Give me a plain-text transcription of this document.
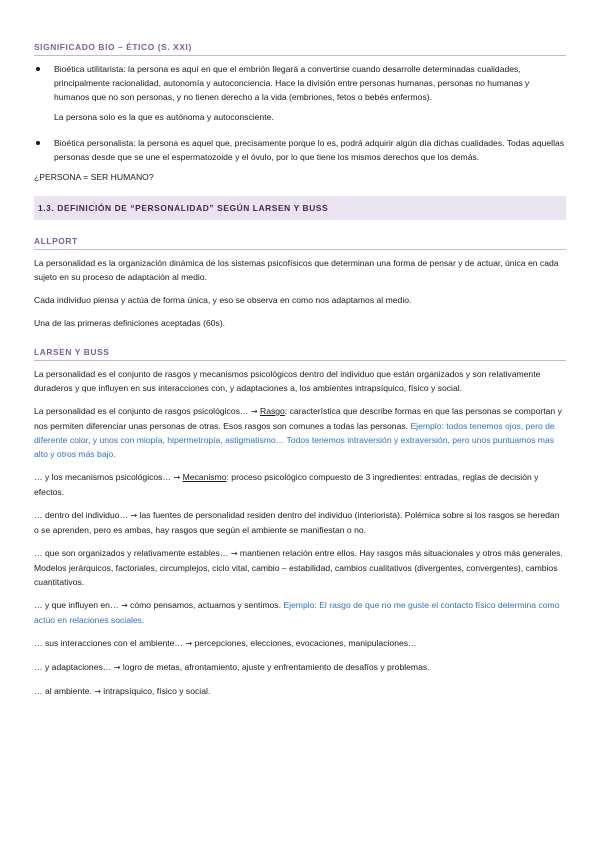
SIGNIFICADO BIO – ÉTICO (S. XXI)
Bioética utilitarista: la persona es aquí en que el embrión llegará a convertirse cuando desarrolle determinadas cualidades, principalmente racionalidad, autonomía y autoconciencia. Hace la división entre personas humanas, personas no humanas y humanos que no son personas, y no tienen derecho a la vida (embriones, fetos o bebés enfermos).
La persona solo es la que es autónoma y autoconsciente.
Bioética personalista: la persona es aquel que, precisamente porque lo es, podrá adquirir algún día dichas cualidades. Todas aquellas personas desde que se une el espermatozoide y el óvulo, por lo que tiene los mismos derechos que los demás.

¿PERSONA = SER HUMANO?

1.3. DEFINICIÓN DE “PERSONALIDAD” SEGÚN LARSEN Y BUSS
ALLPORT

La personalidad es la organización dinámica de los sistemas psicofísicos que determinan una forma de pensar y de actuar, única en cada sujeto en su proceso de adaptación al medio.

Cada individuo piensa y actúa de forma única, y eso se observa en como nos adaptamos al medio.

Una de las primeras definiciones aceptadas (60s).

LARSEN Y BUSS

La personalidad es el conjunto de rasgos y mecanismos psicológicos dentro del individuo que están organizados y son relativamente duraderos y que influyen en sus interacciones con, y adaptaciones a, los ambientes intrapsíquico, físico y social.

La personalidad es el conjunto de rasgos psicológicos… → Rasgo: característica que describe formas en que las personas se comportan y nos permiten diferenciar unas personas de otras. Esos rasgos son comunes a todas las personas. Ejemplo: todos tenemos ojos, pero de diferente color, y unos con miopía, hipermetropía, astigmatismo… Todos tenemos intraversión y extraversión, pero unos puntuamos mas alto y otros más bajo.

… y los mecanismos psicológicos… → Mecanismo: proceso psicológico compuesto de 3 ingredientes: entradas, reglas de decisión y efectos.

… dentro del individuo… → las fuentes de personalidad residen dentro del individuo (interiorista). Polémica sobre si los rasgos se heredan o se aprenden, pero es ambas, hay rasgos que según el ambiente se manifiestan o no.

… que son organizados y relativamente estables… → mantienen relación entre ellos. Hay rasgos más situacionales y otros más generales. Modelos jerárquicos, factoriales, circumplejos, ciclo vital, cambio – estabilidad, cambios cualitativos (divergentes, convergentes), cambios cuantitativos.

… y que influyen en… → cómo pensamos, actuamos y sentimos. Ejemplo: El rasgo de que no me guste el contacto físico determina como actúo en relaciones sociales.

… sus interacciones con el ambiente… → percepciones, elecciones, evocaciones, manipulaciones…

… y adaptaciones… → logro de metas, afrontamiento, ajuste y enfrentamiento de desafíos y problemas.

… al ambiente. → intrapsíquico, físico y social.
